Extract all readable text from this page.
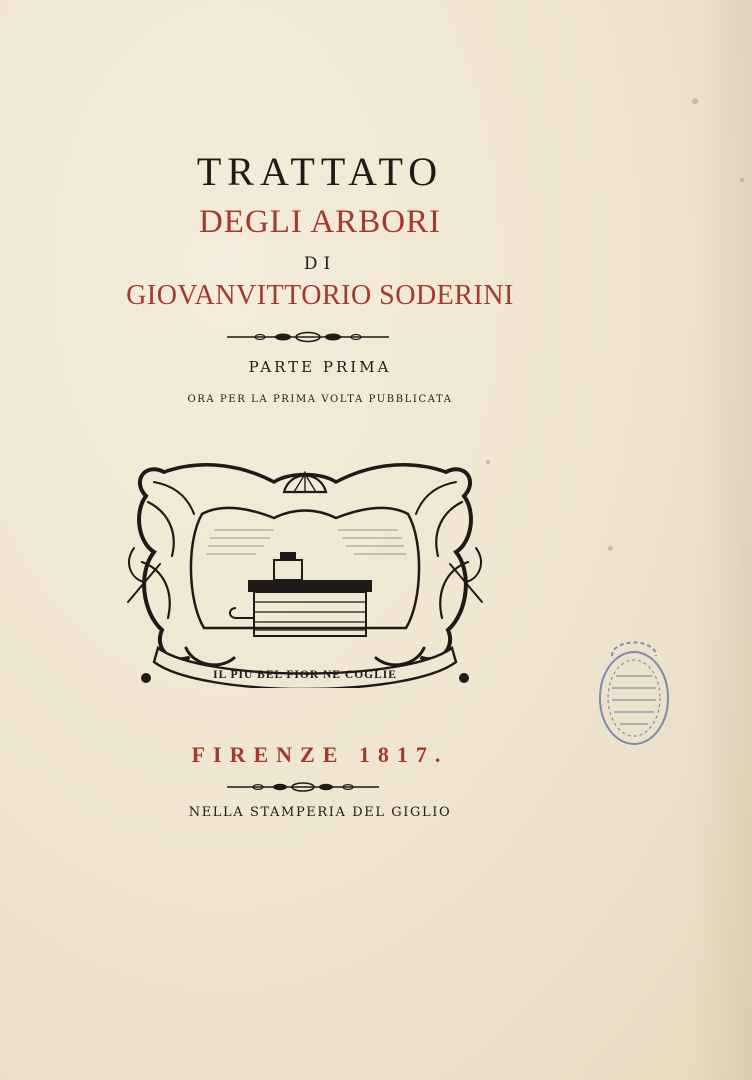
TRATTATO
DEGLI ARBORI
DI
GIOVANVITTORIO SODERINI
PARTE PRIMA
ORA PER LA PRIMA VOLTA PUBBLICATA
IL PIU BEL FIOR NE COGLIE
FIRENZE 1817.
NELLA STAMPERIA DEL GIGLIO
